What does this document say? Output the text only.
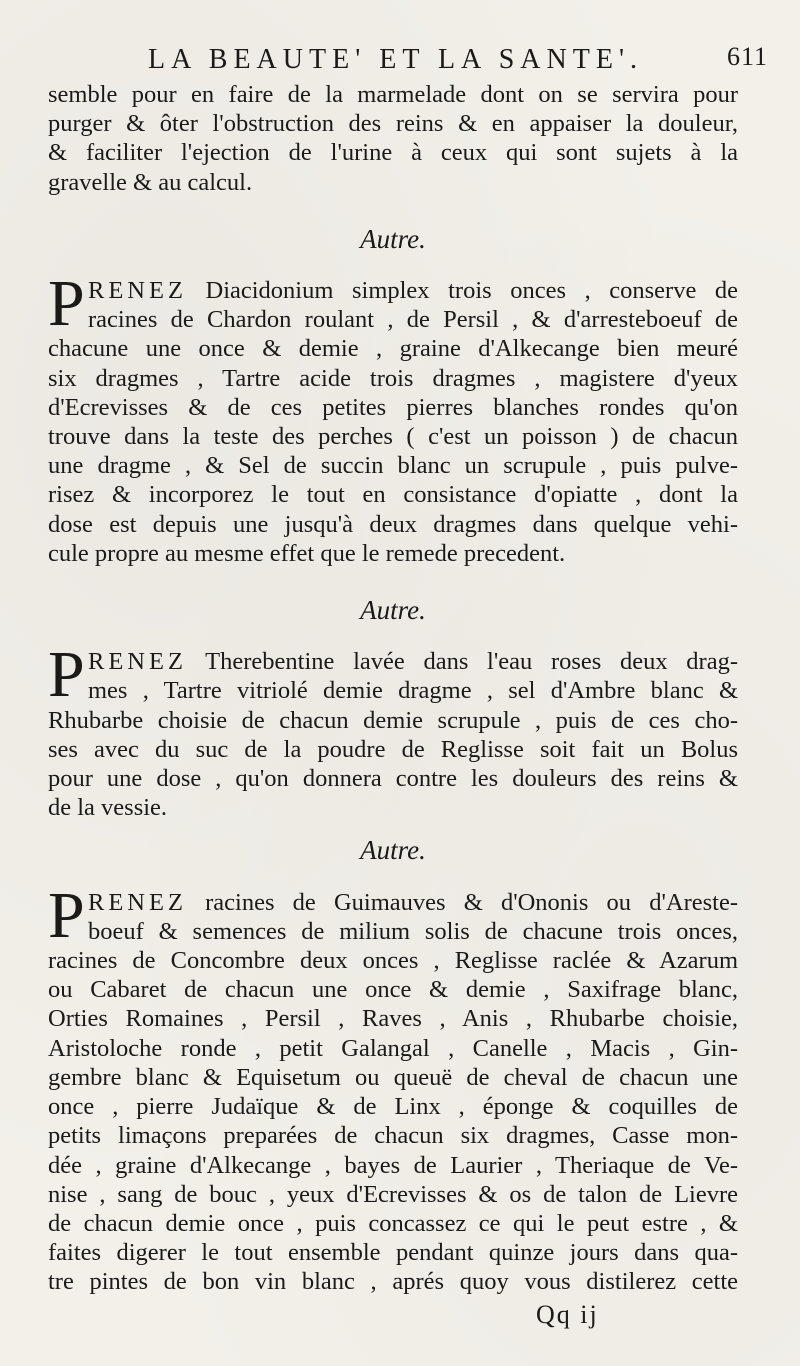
LA BEAUTE' ET LA SANTE'.	611
semble pour en faire de la marmelade dont on se servira pour
purger & ôter l'obstruction des reins & en appaiser la douleur,
& faciliter l'ejection de l'urine à ceux qui sont sujets à la
gravelle & au calcul.
Autre.
P RENEZ Diacidonium simplex trois onces , conserve de
racines de Chardon roulant , de Persil , & d'arresteboeuf de
chacune une once & demie , graine d'Alkecange bien meuré
six dragmes , Tartre acide trois dragmes , magistere d'yeux
d'Ecrevisses & de ces petites pierres blanches rondes qu'on
trouve dans la teste des perches ( c'est un poisson ) de chacun
une dragme , & Sel de succin blanc un scrupule , puis pulve-
risez & incorporez le tout en consistance d'opiatte , dont la
dose est depuis une jusqu'à deux dragmes dans quelque vehi-
cule propre au mesme effet que le remede precedent.
Autre.
P RENEZ Therebentine lavée dans l'eau roses deux drag-
mes , Tartre vitriolé demie dragme , sel d'Ambre blanc &
Rhubarbe choisie de chacun demie scrupule , puis de ces cho-
ses avec du suc de la poudre de Reglisse soit fait un Bolus
pour une dose , qu'on donnera contre les douleurs des reins &
de la vessie.
Autre.
P RENEZ racines de Guimauves & d'Ononis ou d'Areste-
boeuf & semences de milium solis de chacune trois onces,
racines de Concombre deux onces , Reglisse raclée & Azarum
ou Cabaret de chacun une once & demie , Saxifrage blanc,
Orties Romaines , Persil , Raves , Anis , Rhubarbe choisie,
Aristoloche ronde , petit Galangal , Canelle , Macis , Gin-
gembre blanc & Equisetum ou queuë de cheval de chacun une
once , pierre Judaïque & de Linx , éponge & coquilles de
petits limaçons preparées de chacun six dragmes, Casse mon-
dée , graine d'Alkecange , bayes de Laurier , Theriaque de Ve-
nise , sang de bouc , yeux d'Ecrevisses & os de talon de Lievre
de chacun demie once , puis concassez ce qui le peut estre , &
faites digerer le tout ensemble pendant quinze jours dans qua-
tre pintes de bon vin blanc , aprés quoy vous distilerez cette
Qq ij
